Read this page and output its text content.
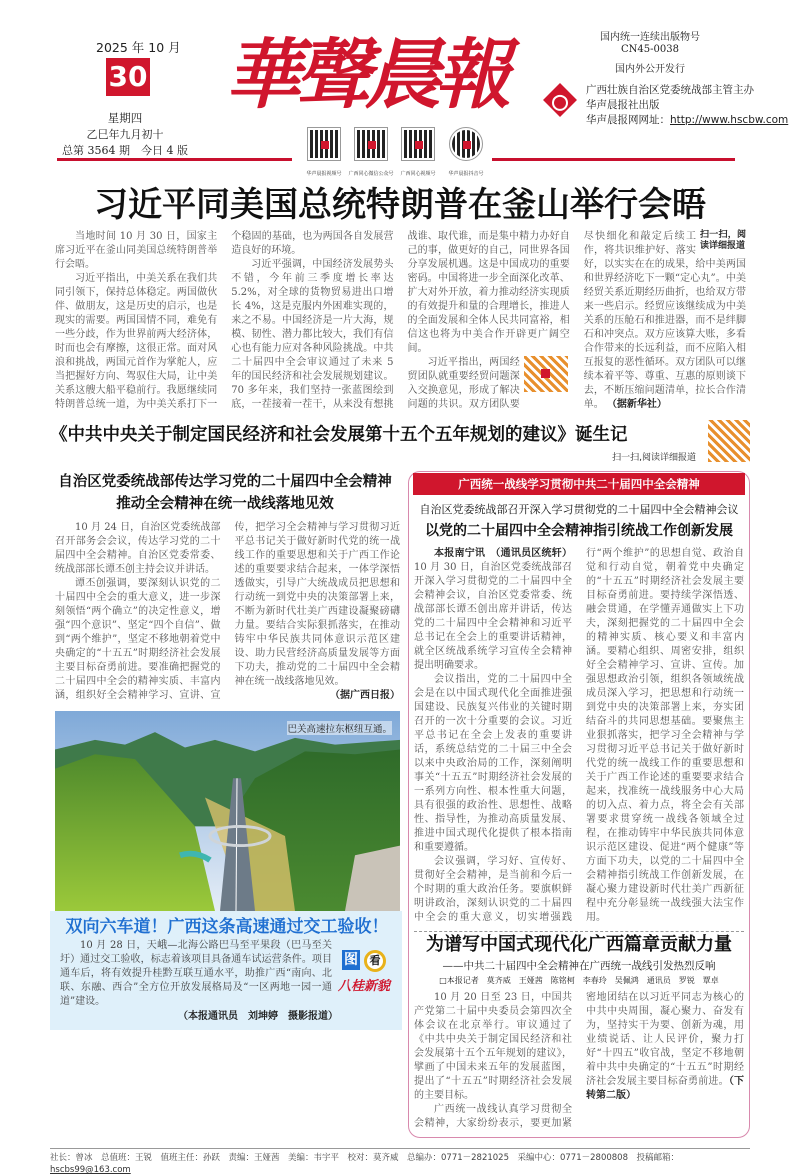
2025 年 10 月
30
星期四
乙巳年九月初十
总第 3564 期　今日 4 版
華聲晨報	国内统一连续出版物号
CN45-0038
国内外公开发行
广西壮族自治区党委统战部主管主办
华声晨报社出版
华声晨报网网址：http://www.hscbw.com
华声晨报视频号	广西同心微信公众号	广西同心视频号	华声晨报抖音号
习近平同美国总统特朗普在釜山举行会晤

当地时间 10 月 30 日，国家主席习近平在釜山同美国总统特朗普举行会晤。

习近平指出，中美关系在我们共同引领下，保持总体稳定。两国做伙伴、做朋友，这是历史的启示，也是现实的需要。两国国情不同，难免有一些分歧，作为世界前两大经济体，时而也会有摩擦，这很正常。面对风浪和挑战，两国元首作为掌舵人，应当把握好方向、驾驭住大局，让中美关系这艘大船平稳前行。我愿继续同特朗普总统一道，为中美关系打下一个稳固的基础，也为两国各自发展营造良好的环境。

习近平强调，中国经济发展势头不错，今年前三季度增长率达 5.2%，对全球的货物贸易进出口增长 4%，这是克服内外困难实现的，来之不易。中国经济是一片大海，规模、韧性、潜力都比较大，我们有信心也有能力应对各种风险挑战。中共二十届四中全会审议通过了未来 5 年的国民经济和社会发展规划建议。70 多年来，我们坚持一张蓝图绘到底，一茬接着一茬干，从来没有想挑战谁、取代谁，而是集中精力办好自己的事，做更好的自己，同世界各国分享发展机遇。这是中国成功的重要密码。中国将进一步全面深化改革、扩大对外开放，着力推动经济实现质的有效提升和量的合理增长，推进人的全面发展和全体人民共同富裕，相信这也将为中美合作开辟更广阔空间。

扫一扫，阅读详细报道
习近平指出，两国经贸团队就重要经贸问题深入交换意见，形成了解决问题的共识。双方团队要尽快细化和敲定后续工作，将共识维护好、落实好，以实实在在的成果，给中美两国和世界经济吃下一颗“定心丸”。中美经贸关系近期经历曲折，也给双方带来一些启示。经贸应该继续成为中美关系的压舱石和推进器，而不是绊脚石和冲突点。双方应该算大账，多看合作带来的长远利益，而不应陷入相互报复的恶性循环。双方团队可以继续本着平等、尊重、互惠的原则谈下去，不断压缩问题清单，拉长合作清单。 （据新华社）

《中共中央关于制定国民经济和社会发展第十五个五年规划的建议》诞生记
扫一扫,阅读详细报道
自治区党委统战部传达学习党的二十届四中全会精神
推动全会精神在统一战线落地见效

10 月 24 日，自治区党委统战部召开部务会会议，传达学习党的二十届四中全会精神。自治区党委常委、统战部部长谭丕创主持会议并讲话。

谭丕创强调，要深刻认识党的二十届四中全会的重大意义，进一步深刻领悟“两个确立”的决定性意义，增强“四个意识”、坚定“四个自信”、做到“两个维护”，坚定不移地朝着党中央确定的“十五五”时期经济社会发展主要目标奋勇前进。要准确把握党的二十届四中全会的精神实质、丰富内涵，组织好全会精神学习、宣讲、宣传，把学习全会精神与学习贯彻习近平总书记关于做好新时代党的统一战线工作的重要思想和关于广西工作论述的重要要求结合起来，一体学深悟透做实，引导广大统战成员把思想和行动统一到党中央的决策部署上来，不断为新时代壮美广西建设凝聚磅礴力量。要结合实际狠抓落实，在推动铸牢中华民族共同体意识示范区建设、助力民营经济高质量发展等方面下功夫，推动党的二十届四中全会精神在统一战线落地见效。

（据广西日报）

巴关高速拉东枢纽互通。
双向六车道！广西这条高速通过交工验收！

10 月 28 日，天峨—北海公路巴马至平果段（巴马至关圩）通过交工验收，标志着该项目具备通车试运营条件。项目通车后，将有效提升桂黔互联互通水平，助推广西“南向、北联、东融、西合”全方位开放发展格局及“一区两地一园一通道”建设。

图	看
八桂新貌
（本报通讯员　刘坤婷　摄影报道）
广西统一战线学习贯彻中共二十届四中全会精神
自治区党委统战部召开深入学习贯彻党的二十届四中全会精神会议
以党的二十届四中全会精神指引统战工作创新发展

本报南宁讯　（通讯员区统轩）10 月 30 日，自治区党委统战部召开深入学习贯彻党的二十届四中全会精神会议，自治区党委常委、统战部部长谭丕创出席并讲话，传达党的二十届四中全会精神和习近平总书记在全会上的重要讲话精神，就全区统战系统学习宣传全会精神提出明确要求。

会议指出，党的二十届四中全会是在以中国式现代化全面推进强国建设、民族复兴伟业的关键时期召开的一次十分重要的会议。习近平总书记在全会上发表的重要讲话，系统总结党的二十届三中全会以来中央政治局的工作，深刻阐明事关“十五五”时期经济社会发展的一系列方向性、根本性重大问题，具有很强的政治性、思想性、战略性、指导性，为推动高质量发展、推进中国式现代化提供了根本指南和重要遵循。

会议强调，学习好、宣传好、贯彻好全会精神，是当前和今后一个时期的重大政治任务。要旗帜鲜明讲政治，深刻认识党的二十届四中全会的重大意义，切实增强践行“两个维护”的思想自觉、政治自觉和行动自觉，朝着党中央确定的“十五五”时期经济社会发展主要目标奋勇前进。要持续学深悟透、融会贯通，在学懂弄通做实上下功夫，深刻把握党的二十届四中全会的精神实质、核心要义和丰富内涵。要精心组织、周密安排，组织好全会精神学习、宣讲、宣传。加强思想政治引领，组织各领域统战成员深入学习，把思想和行动统一到党中央的决策部署上来，夯实团结奋斗的共同思想基础。要聚焦主业狠抓落实，把学习全会精神与学习贯彻习近平总书记关于做好新时代党的统一战线工作的重要思想和关于广西工作论述的重要要求结合起来，找准统一战线服务中心大局的切入点、着力点，将全会有关部署要求贯穿统一战线各领域全过程，在推动铸牢中华民族共同体意识示范区建设、促进“两个健康”等方面下功夫，以党的二十届四中全会精神指引统战工作创新发展，在凝心聚力建设新时代壮美广西新征程中充分彰显统一战线强大法宝作用。

为谱写中国式现代化广西篇章贡献力量
——中共二十届四中全会精神在广西统一战线引发热烈反响
□本报记者　莫齐威　王娅茜　陈铭柯　李春玲　吴佩鸿　通讯员　罗锐　覃卓

10 月 20 日至 23 日，中国共产党第二十届中央委员会第四次全体会议在北京举行。审议通过了《中共中央关于制定国民经济和社会发展第十五个五年规划的建议》，擘画了中国未来五年的发展蓝图，提出了“十五五”时期经济社会发展的主要目标。

广西统一战线认真学习贯彻全会精神，大家纷纷表示，要更加紧密地团结在以习近平同志为核心的中共中央周围，凝心聚力、奋发有为，坚持实干为要、创新为魂，用业绩说话、让人民评价，聚力打好“十四五”收官战，坚定不移地朝着中共中央确定的“十五五”时期经济社会发展主要目标奋勇前进。（下转第二版）

社长：曾冰　总值班：王锐　值班主任：孙跃　责编：王娅茜　美编：韦宇平　校对：莫齐威　总编办：0771－2821025　采编中心：0771－2800808　投稿邮箱：hscbs99@163.com
